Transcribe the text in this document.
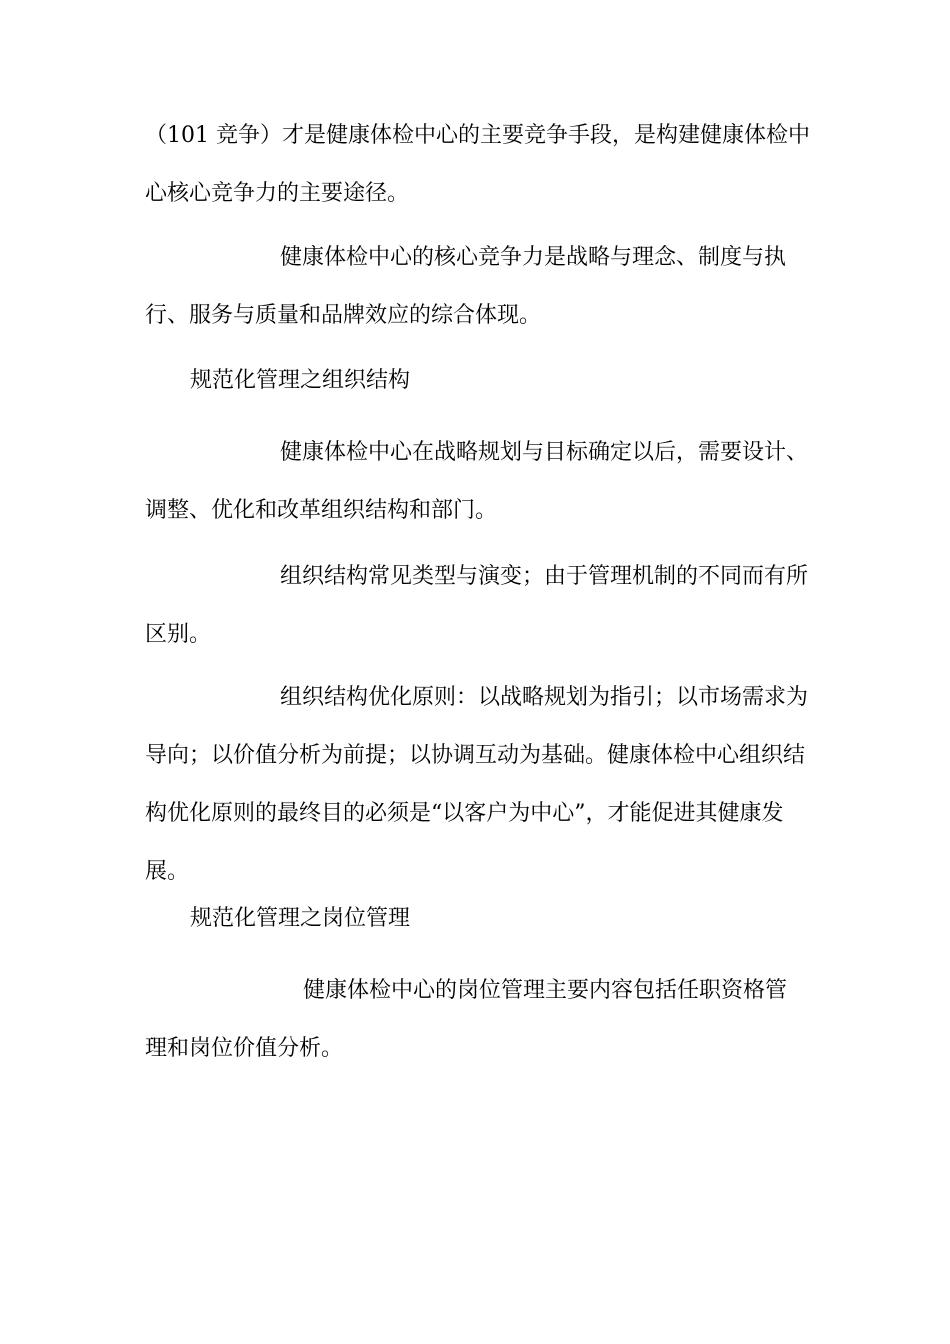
（101 竞争）才是健康体检中心的主要竞争手段，是构建健康体检中
心核心竞争力的主要途径。
健康体检中心的核心竞争力是战略与理念、制度与执
行、服务与质量和品牌效应的综合体现。
规范化管理之组织结构
健康体检中心在战略规划与目标确定以后，需要设计、
调整、优化和改革组织结构和部门。
组织结构常见类型与演变；由于管理机制的不同而有所
区别。
组织结构优化原则：以战略规划为指引；以市场需求为
导向；以价值分析为前提；以协调互动为基础。健康体检中心组织结
构优化原则的最终目的必须是“以客户为中心”，才能促进其健康发
展。
规范化管理之岗位管理
健康体检中心的岗位管理主要内容包括任职资格管
理和岗位价值分析。
